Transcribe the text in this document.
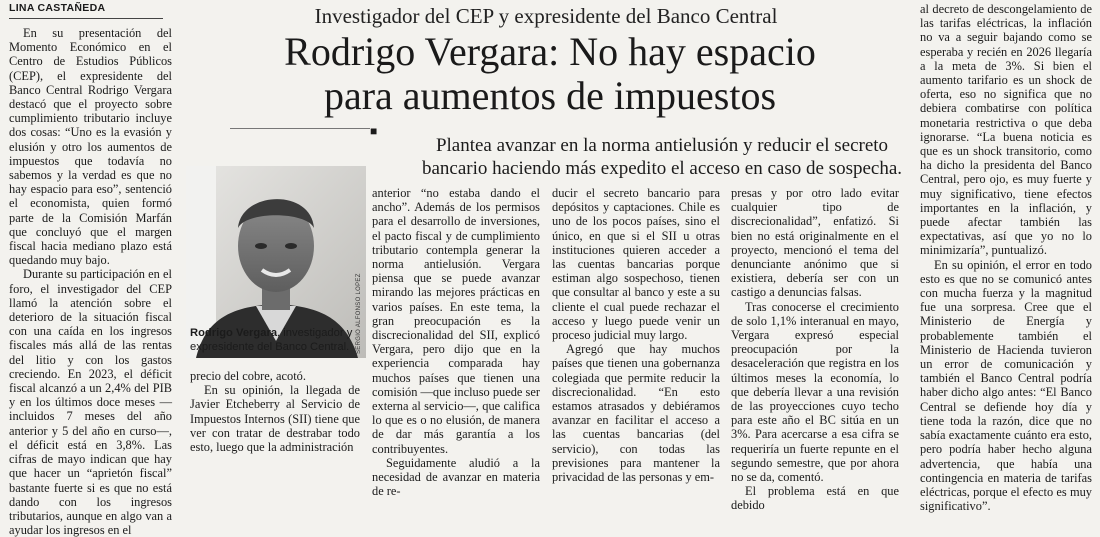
LINA CASTAÑEDA	Investigador del CEP y expresidente del Banco Central
Rodrigo Vergara: No hay espacio
para aumentos de impuestos
■
Plantea avanzar en la norma antielusión y reducir el secreto
bancario haciendo más expedito el acceso en caso de sospecha.
SERGIO ALFONSO LÓPEZ
Rodrigo Vergara, investigador y expresidente del Banco Central.

En su presentación del Momento Económico en el Centro de Estudios Públicos (CEP), el expresidente del Banco Central Rodrigo Vergara destacó que el proyecto sobre cumplimiento tributario incluye dos cosas: “Uno es la evasión y elusión y otro los aumentos de impuestos que todavía no sabemos y la verdad es que no hay espacio para eso”, sentenció el economista, quien formó parte de la Comisión Marfán que concluyó que el margen fiscal hacia mediano plazo está quedando muy bajo.

Durante su participación en el foro, el investigador del CEP llamó la atención sobre el deterioro de la situación fiscal con una caída en los ingresos fiscales más allá de las rentas del litio y con los gastos creciendo. En 2023, el déficit fiscal alcanzó a un 2,4% del PIB y en los últimos doce meses —incluidos 7 meses del año anterior y 5 del año en curso—, el déficit está en 3,8%. Las cifras de mayo indican que hay que hacer un “aprietón fiscal” bastante fuerte si es que no está dando con los ingresos tributarios, aunque en algo van a ayudar los ingresos en el

precio del cobre, acotó.

En su opinión, la llegada de Javier Etcheberry al Servicio de Impuestos Internos (SII) tiene que ver con tratar de destrabar todo esto, luego que la administración

anterior “no estaba dando el ancho”. Además de los permisos para el desarrollo de inversiones, el pacto fiscal y de cumplimiento tributario contempla generar la norma antielusión. Vergara piensa que se puede avanzar mirando las mejores prácticas en varios países. En este tema, la gran preocupación es la discrecionalidad del SII, explicó Vergara, pero dijo que en la experiencia comparada hay muchos países que tienen una comisión —que incluso puede ser externa al servicio—, que califica lo que es o no elusión, de manera de dar más garantía a los contribuyentes.

Seguidamente aludió a la necesidad de avanzar en materia de re-

ducir el secreto bancario para depósitos y captaciones. Chile es uno de los pocos países, sino el único, en que si el SII u otras instituciones quieren acceder a las cuentas bancarias porque estiman algo sospechoso, tienen que consultar al banco y este a su cliente el cual puede rechazar el acceso y luego puede venir un proceso judicial muy largo.

Agregó que hay muchos países que tienen una gobernanza colegiada que permite reducir la discrecionalidad. “En esto estamos atrasados y debiéramos avanzar en facilitar el acceso a las cuentas bancarias (del servicio), con todas las previsiones para mantener la privacidad de las personas y em-

presas y por otro lado evitar cualquier tipo de discrecionalidad”, enfatizó. Si bien no está originalmente en el proyecto, mencionó el tema del denunciante anónimo que si existiera, debería ser con un castigo a denuncias falsas.

Tras conocerse el crecimiento de solo 1,1% interanual en mayo, Vergara expresó especial preocupación por la desaceleración que registra en los últimos meses la economía, lo que debería llevar a una revisión de las proyecciones cuyo techo para este año el BC sitúa en un 3%. Para acercarse a esa cifra se requeriría un fuerte repunte en el segundo semestre, que por ahora no se da, comentó.

El problema está en que debido

al decreto de descongelamiento de las tarifas eléctricas, la inflación no va a seguir bajando como se esperaba y recién en 2026 llegaría a la meta de 3%. Si bien el aumento tarifario es un shock de oferta, eso no significa que no debiera combatirse con política monetaria restrictiva o que deba ignorarse. “La buena noticia es que es un shock transitorio, como ha dicho la presidenta del Banco Central, pero ojo, es muy fuerte y muy significativo, tiene efectos importantes en la inflación, y puede afectar también las expectativas, así que yo no lo minimizaría”, puntualizó.

En su opinión, el error en todo esto es que no se comunicó antes con mucha fuerza y la magnitud fue una sorpresa. Cree que el Ministerio de Energía y probablemente también el Ministerio de Hacienda tuvieron un error de comunicación y también el Banco Central podría haber dicho algo antes: “El Banco Central se defiende hoy día y tiene toda la razón, dice que no sabía exactamente cuánto era esto, pero podría haber hecho alguna advertencia, que había una contingencia en materia de tarifas eléctricas, porque el efecto es muy significativo”.
